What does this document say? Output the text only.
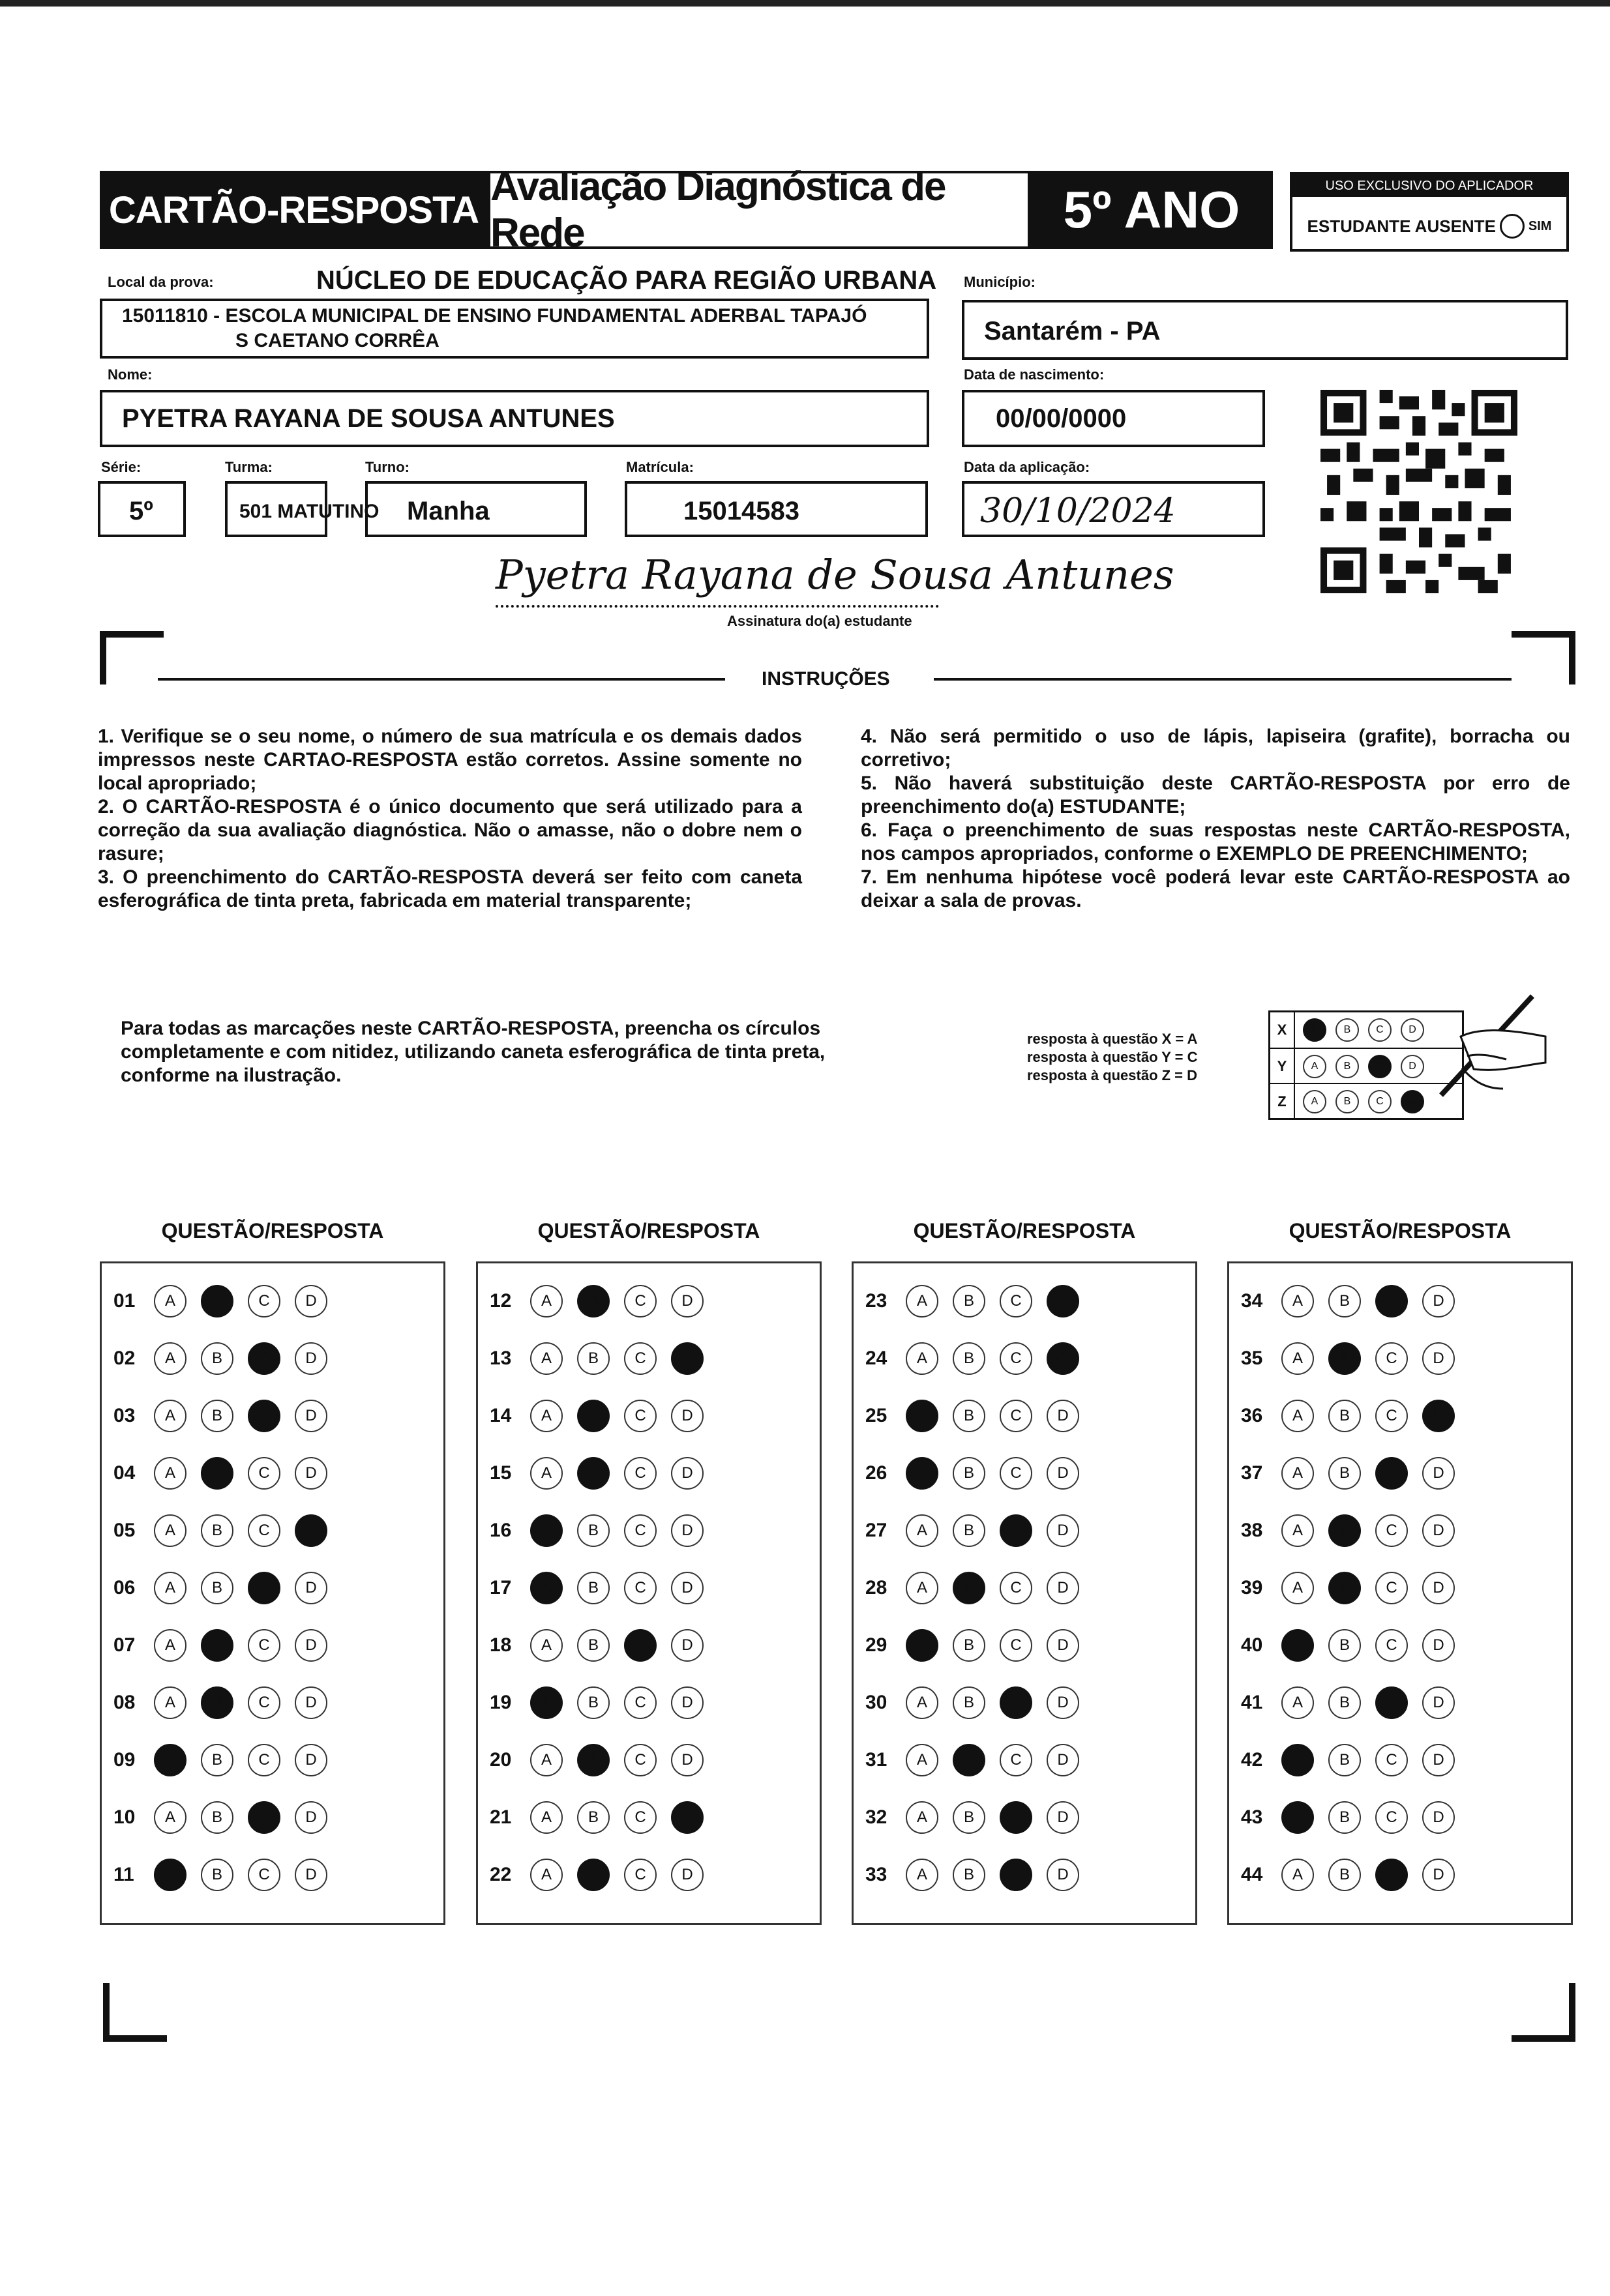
CARTÃO-RESPOSTA
Avaliação Diagnóstica de Rede	5º ANO	USO EXCLUSIVO DO APLICADOR
ESTUDANTE AUSENTE	SIM
Local da prova:	NÚCLEO DE EDUCAÇÃO PARA REGIÃO URBANA
15011810 - ESCOLA MUNICIPAL DE ENSINO FUNDAMENTAL ADERBAL TAPAJÓ
S CAETANO CORRÊA
Município:
Santarém - PA
Nome:
PYETRA RAYANA DE SOUSA ANTUNES
Data de nascimento:
00/00/0000
Série:
5º
Turma:
501 MATUTINO
Turno:
Manha
Matrícula:
15014583
Data da aplicação:
30/10/2024
Pyetra Rayana de Sousa Antunes
Assinatura do(a) estudante
INSTRUÇÕES

1. Verifique se o seu nome, o número de sua matrícula e os demais dados impressos neste CARTAO-RESPOSTA estão corretos. Assine somente no local apropriado;

2. O CARTÃO-RESPOSTA é o único documento que será utilizado para a correção da sua avaliação diagnóstica. Não o amasse, não o dobre nem o rasure;

3. O preenchimento do CARTÃO-RESPOSTA deverá ser feito com caneta esferográfica de tinta preta, fabricada em material transparente;

4. Não será permitido o uso de lápis, lapiseira (grafite), borracha ou corretivo;

5. Não haverá substituição deste CARTÃO-RESPOSTA por erro de preenchimento do(a) ESTUDANTE;

6. Faça o preenchimento de suas respostas neste CARTÃO-RESPOSTA, nos campos apropriados, conforme o EXEMPLO DE PREENCHIMENTO;

7. Em nenhuma hipótese você poderá levar este CARTÃO-RESPOSTA ao deixar a sala de provas.

Para todas as marcações neste CARTÃO-RESPOSTA, preencha os círculos completamente e com nitidez, utilizando caneta esferográfica de tinta preta, conforme na ilustração.
resposta à questão X = A
resposta à questão Y = C
resposta à questão Z = D
X	A	B	C	D
Y	A	B	C	D
Z	A	B	C	D
QUESTÃO/RESPOSTA
01	A	B	C	D
02	A	B	C	D
03	A	B	C	D
04	A	B	C	D
05	A	B	C	D
06	A	B	C	D
07	A	B	C	D
08	A	B	C	D
09	A	B	C	D
10	A	B	C	D
11	A	B	C	D
QUESTÃO/RESPOSTA
12	A	B	C	D
13	A	B	C	D
14	A	B	C	D
15	A	B	C	D
16	A	B	C	D
17	A	B	C	D
18	A	B	C	D
19	A	B	C	D
20	A	B	C	D
21	A	B	C	D
22	A	B	C	D
QUESTÃO/RESPOSTA
23	A	B	C	D
24	A	B	C	D
25	A	B	C	D
26	A	B	C	D
27	A	B	C	D
28	A	B	C	D
29	A	B	C	D
30	A	B	C	D
31	A	B	C	D
32	A	B	C	D
33	A	B	C	D
QUESTÃO/RESPOSTA
34	A	B	C	D
35	A	B	C	D
36	A	B	C	D
37	A	B	C	D
38	A	B	C	D
39	A	B	C	D
40	A	B	C	D
41	A	B	C	D
42	A	B	C	D
43	A	B	C	D
44	A	B	C	D
